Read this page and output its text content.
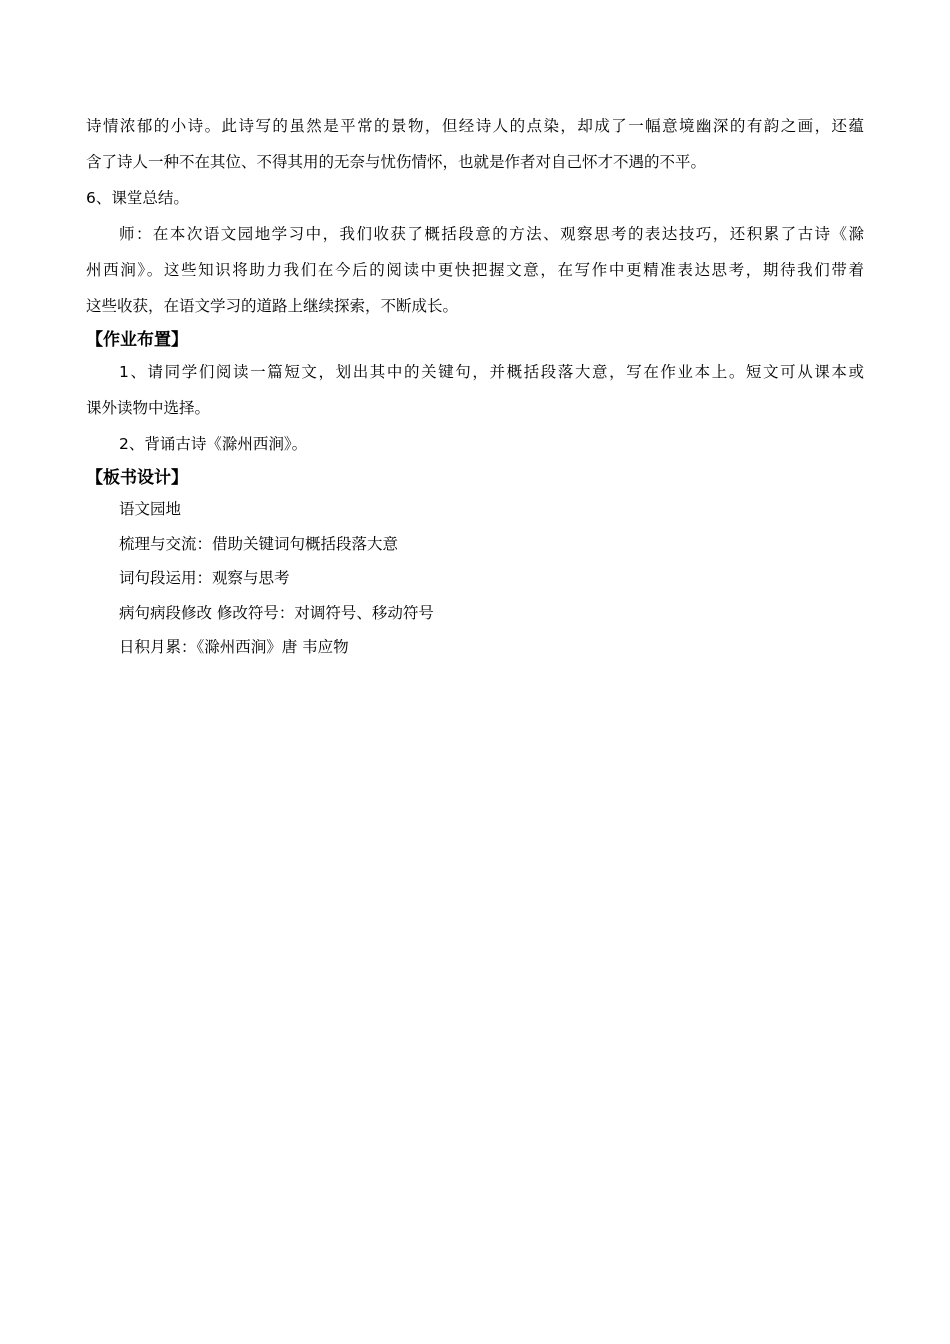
诗情浓郁的小诗。此诗写的虽然是平常的景物，但经诗人的点染，却成了一幅意境幽深的有韵之画，还蕴
含了诗人一种不在其位、不得其用的无奈与忧伤情怀，也就是作者对自己怀才不遇的不平。
6、课堂总结。
师：在本次语文园地学习中，我们收获了概括段意的方法、观察思考的表达技巧，还积累了古诗《滁
州西涧》。这些知识将助力我们在今后的阅读中更快把握文意，在写作中更精准表达思考，期待我们带着
这些收获，在语文学习的道路上继续探索，不断成长。
【作业布置】
1、请同学们阅读一篇短文，划出其中的关键句，并概括段落大意，写在作业本上。短文可从课本或
课外读物中选择。
2、背诵古诗《滁州西涧》。
【板书设计】
语文园地
梳理与交流：借助关键词句概括段落大意
词句段运用：观察与思考
病句病段修改 修改符号：对调符号、移动符号
日积月累：《滁州西涧》唐 韦应物
